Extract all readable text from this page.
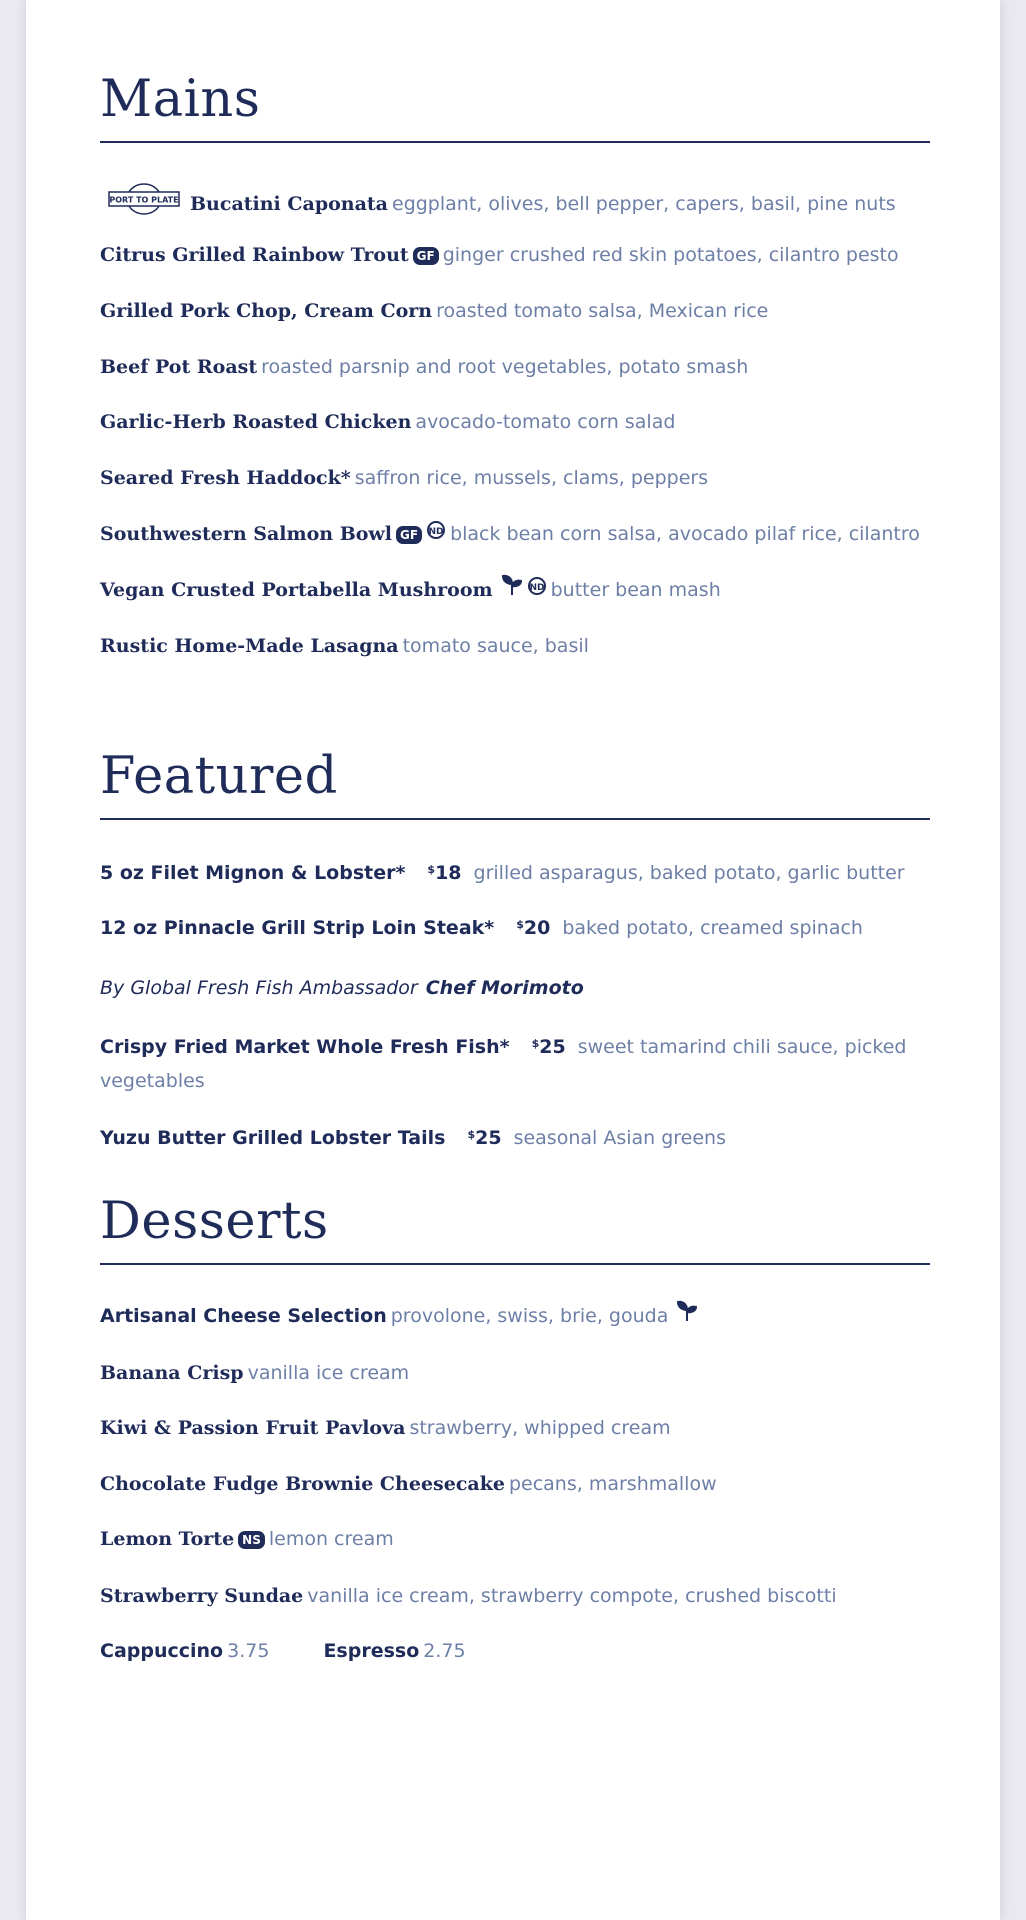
Mains
PORT TO PLATE Bucatini Caponata eggplant, olives, bell pepper, capers, basil, pine nuts
Citrus Grilled Rainbow Trout GF ginger crushed red skin potatoes, cilantro pesto
Grilled Pork Chop, Cream Corn roasted tomato salsa, Mexican rice
Beef Pot Roast roasted parsnip and root vegetables, potato smash
Garlic-Herb Roasted Chicken avocado-tomato corn salad
Seared Fresh Haddock* saffron rice, mussels, clams, peppers
Southwestern Salmon Bowl GF ND black bean corn salsa, avocado pilaf rice, cilantro
Vegan Crusted Portabella Mushroom	ND butter bean mash
Rustic Home-Made Lasagna tomato sauce, basil
Featured
5 oz Filet Mignon & Lobster* $18 grilled asparagus, baked potato, garlic butter
12 oz Pinnacle Grill Strip Loin Steak* $20 baked potato, creamed spinach
By Global Fresh Fish Ambassador Chef Morimoto
Crispy Fried Market Whole Fresh Fish* $25 sweet tamarind chili sauce, picked vegetables
Yuzu Butter Grilled Lobster Tails $25 seasonal Asian greens
Desserts
Artisanal Cheese Selection provolone, swiss, brie, gouda
Banana Crisp vanilla ice cream
Kiwi & Passion Fruit Pavlova strawberry, whipped cream
Chocolate Fudge Brownie Cheesecake pecans, marshmallow
Lemon Torte NS lemon cream
Strawberry Sundae vanilla ice cream, strawberry compote, crushed biscotti
Cappuccino 3.75	Espresso 2.75
